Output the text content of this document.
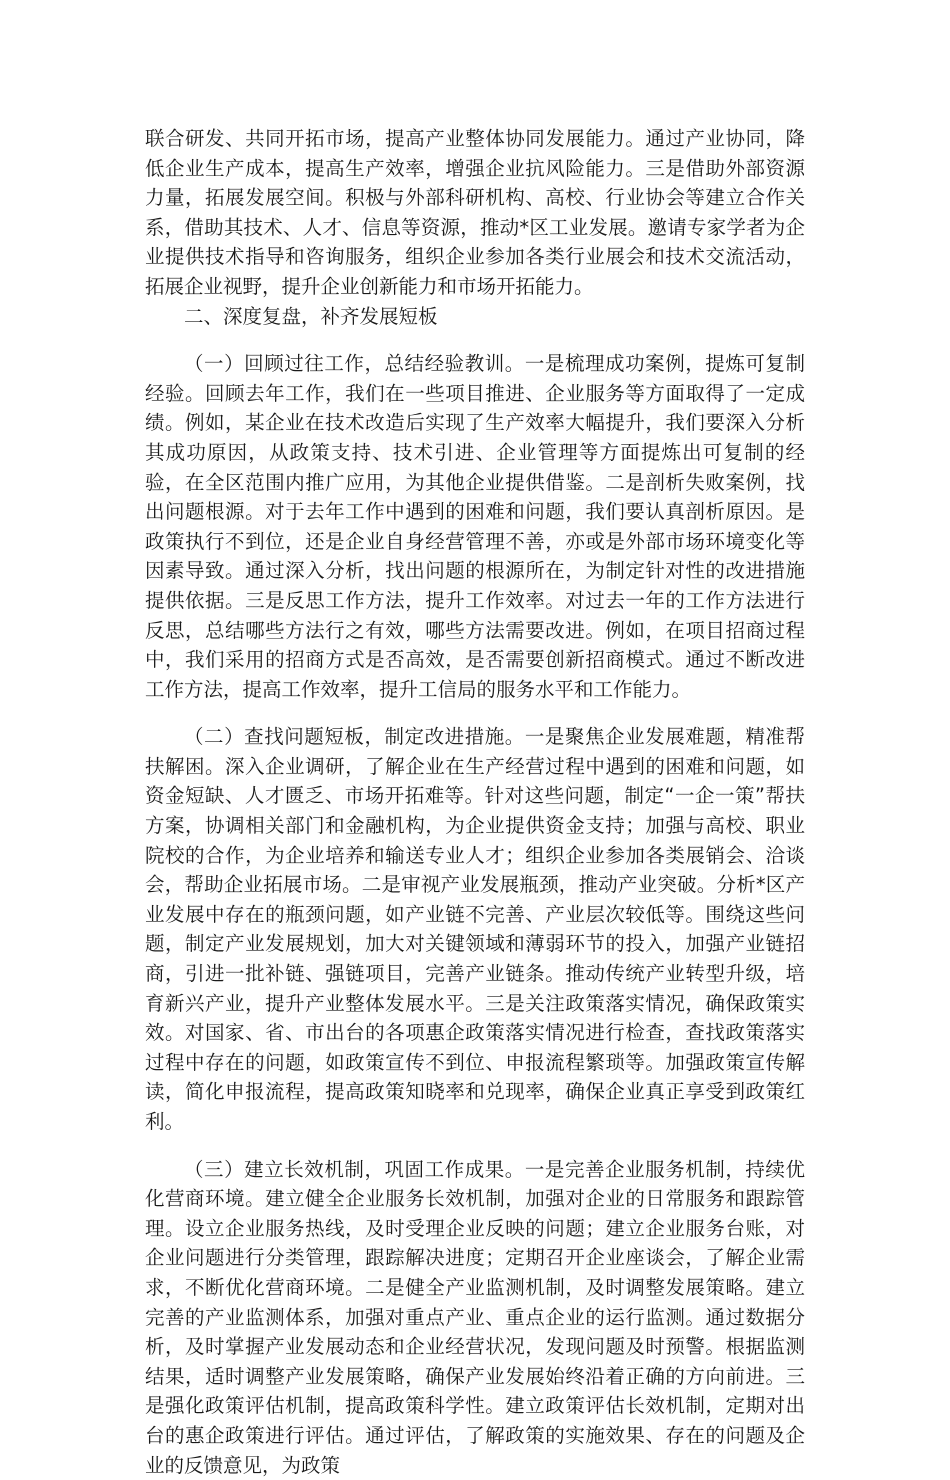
联合研发、共同开拓市场，提高产业整体协同发展能力。通过产业协同，降低企业生产成本，提高生产效率，增强企业抗风险能力。三是借助外部资源力量，拓展发展空间。积极与外部科研机构、高校、行业协会等建立合作关系，借助其技术、人才、信息等资源，推动*区工业发展。邀请专家学者为企业提供技术指导和咨询服务，组织企业参加各类行业展会和技术交流活动，拓展企业视野，提升企业创新能力和市场开拓能力。

二、深度复盘，补齐发展短板

（一）回顾过往工作，总结经验教训。一是梳理成功案例，提炼可复制经验。回顾去年工作，我们在一些项目推进、企业服务等方面取得了一定成绩。例如，某企业在技术改造后实现了生产效率大幅提升，我们要深入分析其成功原因，从政策支持、技术引进、企业管理等方面提炼出可复制的经验，在全区范围内推广应用，为其他企业提供借鉴。二是剖析失败案例，找出问题根源。对于去年工作中遇到的困难和问题，我们要认真剖析原因。是政策执行不到位，还是企业自身经营管理不善，亦或是外部市场环境变化等因素导致。通过深入分析，找出问题的根源所在，为制定针对性的改进措施提供依据。三是反思工作方法，提升工作效率。对过去一年的工作方法进行反思，总结哪些方法行之有效，哪些方法需要改进。例如，在项目招商过程中，我们采用的招商方式是否高效，是否需要创新招商模式。通过不断改进工作方法，提高工作效率，提升工信局的服务水平和工作能力。

（二）查找问题短板，制定改进措施。一是聚焦企业发展难题，精准帮扶解困。深入企业调研，了解企业在生产经营过程中遇到的困难和问题，如资金短缺、人才匮乏、市场开拓难等。针对这些问题，制定“一企一策”帮扶方案，协调相关部门和金融机构，为企业提供资金支持；加强与高校、职业院校的合作，为企业培养和输送专业人才；组织企业参加各类展销会、洽谈会，帮助企业拓展市场。二是审视产业发展瓶颈，推动产业突破。分析*区产业发展中存在的瓶颈问题，如产业链不完善、产业层次较低等。围绕这些问题，制定产业发展规划，加大对关键领域和薄弱环节的投入，加强产业链招商，引进一批补链、强链项目，完善产业链条。推动传统产业转型升级，培育新兴产业，提升产业整体发展水平。三是关注政策落实情况，确保政策实效。对国家、省、市出台的各项惠企政策落实情况进行检查，查找政策落实过程中存在的问题，如政策宣传不到位、申报流程繁琐等。加强政策宣传解读，简化申报流程，提高政策知晓率和兑现率，确保企业真正享受到政策红利。

（三）建立长效机制，巩固工作成果。一是完善企业服务机制，持续优化营商环境。建立健全企业服务长效机制，加强对企业的日常服务和跟踪管理。设立企业服务热线，及时受理企业反映的问题；建立企业服务台账，对企业问题进行分类管理，跟踪解决进度；定期召开企业座谈会，了解企业需求，不断优化营商环境。二是健全产业监测机制，及时调整发展策略。建立完善的产业监测体系，加强对重点产业、重点企业的运行监测。通过数据分析，及时掌握产业发展动态和企业经营状况，发现问题及时预警。根据监测结果，适时调整产业发展策略，确保产业发展始终沿着正确的方向前进。三是强化政策评估机制，提高政策科学性。建立政策评估长效机制，定期对出台的惠企政策进行评估。通过评估，了解政策的实施效果、存在的问题及企业的反馈意见，为政策
